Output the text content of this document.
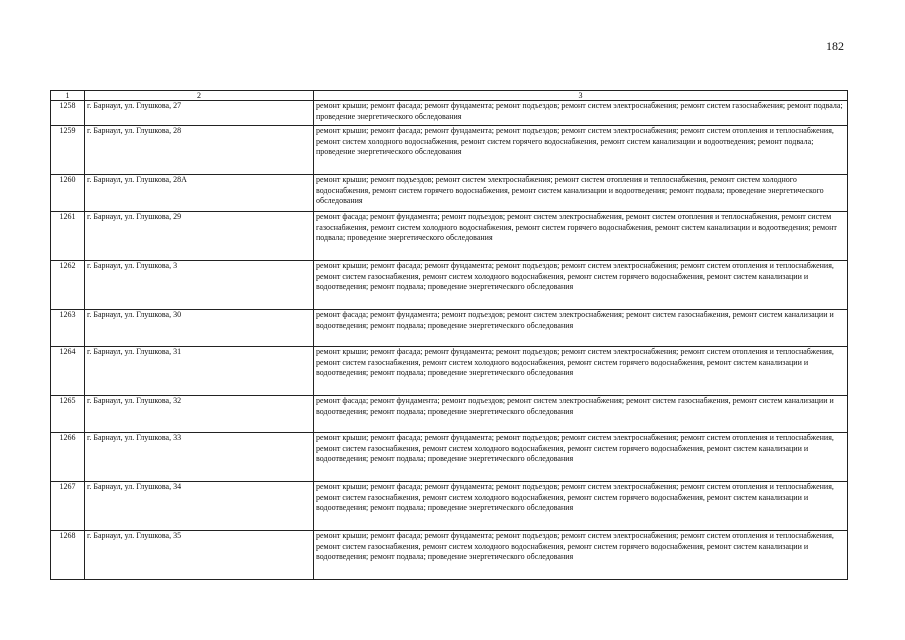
182
1	2	3
1258	г. Барнаул, ул. Глушкова, 27	ремонт крыши; ремонт фасада; ремонт фундамента; ремонт подъездов; ремонт систем электроснабжения; ремонт систем газоснабжения; ремонт подвала; проведение энергетического обследования
1259	г. Барнаул, ул. Глушкова, 28	ремонт крыши; ремонт фасада; ремонт фундамента; ремонт подъездов; ремонт систем электроснабжения; ремонт систем отопления и теплоснабжения, ремонт систем холодного водоснабжения, ремонт систем горячего водоснабжения, ремонт систем канализации и водоотведения; ремонт подвала; проведение энергетического обследования
1260	г. Барнаул, ул. Глушкова, 28А	ремонт крыши; ремонт подъездов; ремонт систем электроснабжения; ремонт систем отопления и теплоснабжения, ремонт систем холодного водоснабжения, ремонт систем горячего водоснабжения, ремонт систем канализации и водоотведения; ремонт подвала; проведение энергетического обследования
1261	г. Барнаул, ул. Глушкова, 29	ремонт фасада; ремонт фундамента; ремонт подъездов; ремонт систем электроснабжения, ремонт систем отопления и теплоснабжения, ремонт систем газоснабжения, ремонт систем холодного водоснабжения, ремонт систем горячего водоснабжения, ремонт систем канализации и водоотведения; ремонт подвала; проведение энергетического обследования
1262	г. Барнаул, ул. Глушкова, 3	ремонт крыши; ремонт фасада; ремонт фундамента; ремонт подъездов; ремонт систем электроснабжения; ремонт систем отопления и теплоснабжения, ремонт систем газоснабжения, ремонт систем холодного водоснабжения, ремонт систем горячего водоснабжения, ремонт систем канализации и водоотведения; ремонт подвала; проведение энергетического обследования
1263	г. Барнаул, ул. Глушкова, 30	ремонт фасада; ремонт фундамента; ремонт подъездов; ремонт систем электроснабжения; ремонт систем газоснабжения, ремонт систем канализации и водоотведения; ремонт подвала; проведение энергетического обследования
1264	г. Барнаул, ул. Глушкова, 31	ремонт крыши; ремонт фасада; ремонт фундамента; ремонт подъездов; ремонт систем электроснабжения; ремонт систем отопления и теплоснабжения, ремонт систем газоснабжения, ремонт систем холодного водоснабжения, ремонт систем горячего водоснабжения, ремонт систем канализации и водоотведения; ремонт подвала; проведение энергетического обследования
1265	г. Барнаул, ул. Глушкова, 32	ремонт фасада; ремонт фундамента; ремонт подъездов; ремонт систем электроснабжения; ремонт систем газоснабжения, ремонт систем канализации и водоотведения; ремонт подвала; проведение энергетического обследования
1266	г. Барнаул, ул. Глушкова, 33	ремонт крыши; ремонт фасада; ремонт фундамента; ремонт подъездов; ремонт систем электроснабжения; ремонт систем отопления и теплоснабжения, ремонт систем газоснабжения, ремонт систем холодного водоснабжения, ремонт систем горячего водоснабжения, ремонт систем канализации и водоотведения; ремонт подвала; проведение энергетического обследования
1267	г. Барнаул, ул. Глушкова, 34	ремонт крыши; ремонт фасада; ремонт фундамента; ремонт подъездов; ремонт систем электроснабжения; ремонт систем отопления и теплоснабжения, ремонт систем газоснабжения, ремонт систем холодного водоснабжения, ремонт систем горячего водоснабжения, ремонт систем канализации и водоотведения; ремонт подвала; проведение энергетического обследования
1268	г. Барнаул, ул. Глушкова, 35	ремонт крыши; ремонт фасада; ремонт фундамента; ремонт подъездов; ремонт систем электроснабжения; ремонт систем отопления и теплоснабжения, ремонт систем газоснабжения, ремонт систем холодного водоснабжения, ремонт систем горячего водоснабжения, ремонт систем канализации и водоотведения; ремонт подвала; проведение энергетического обследования
